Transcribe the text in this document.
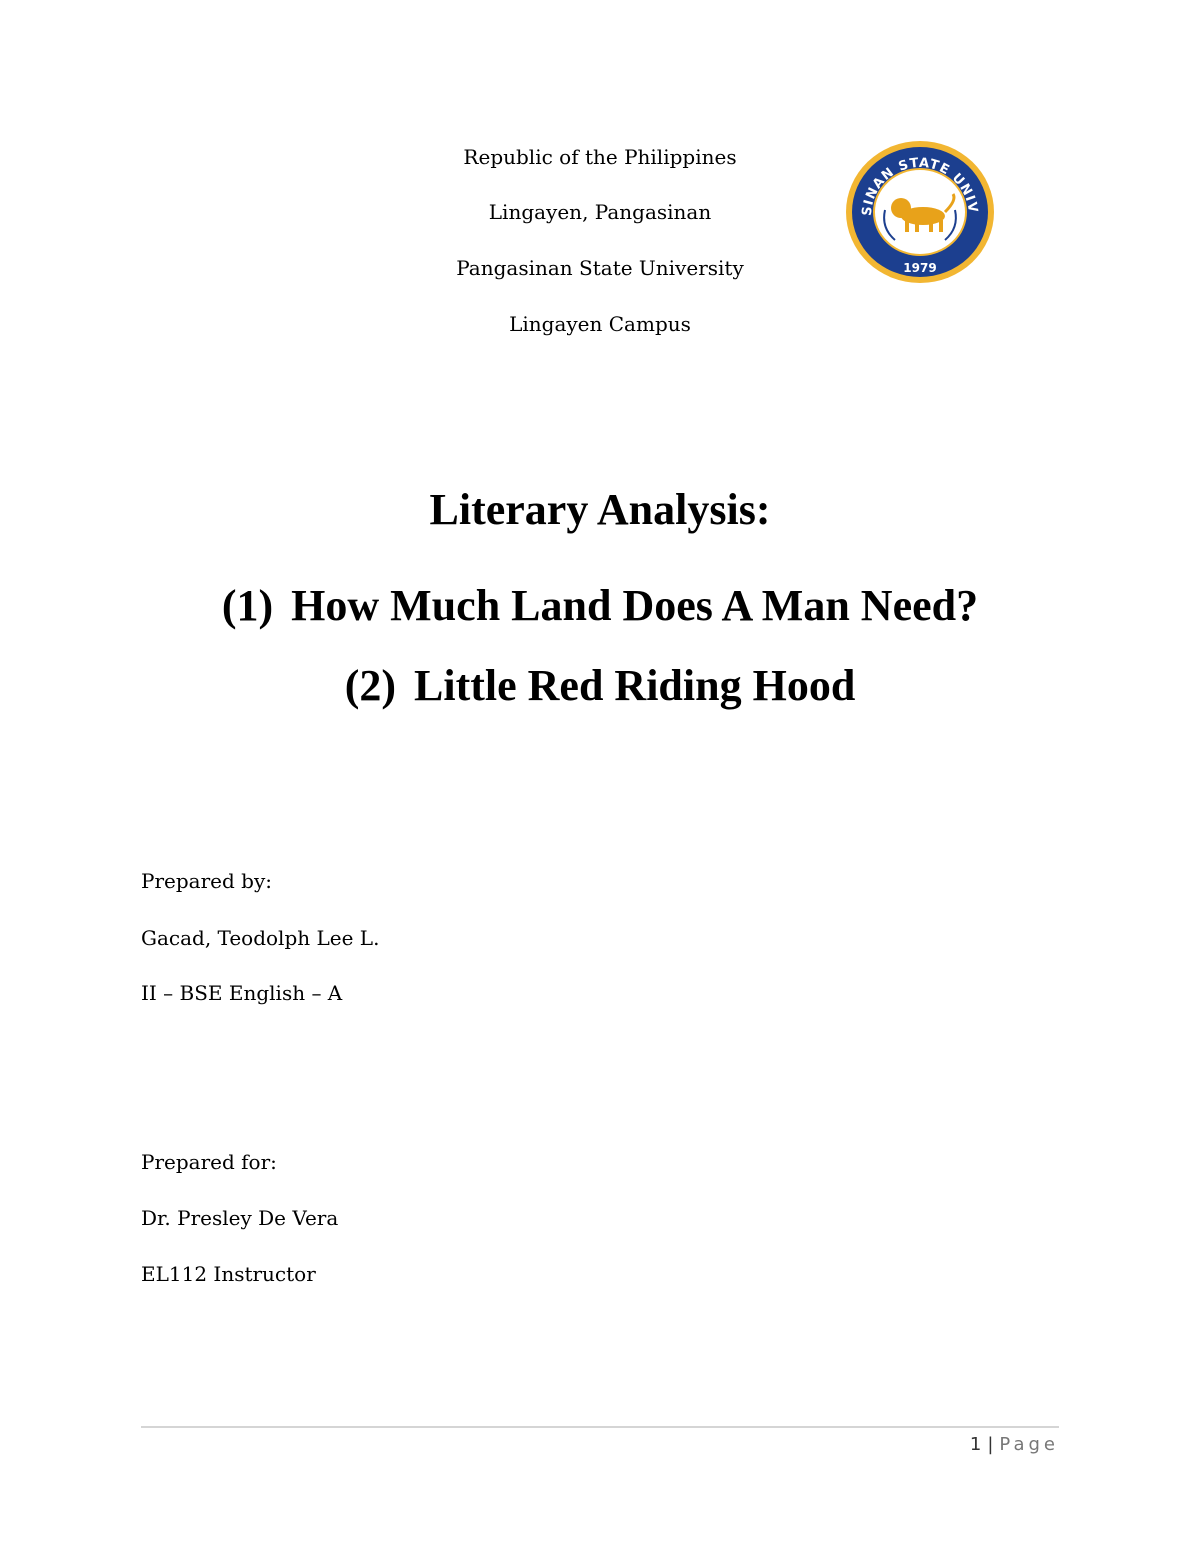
Republic of the Philippines
Lingayen, Pangasinan
Pangasinan State University
Lingayen Campus
SINAN STATE UNIV
1979
Literary Analysis:
(1) How Much Land Does A Man Need?
(2) Little Red Riding Hood
Prepared by:
Gacad, Teodolph Lee L.
II – BSE English – A
Prepared for:
Dr. Presley De Vera
EL112 Instructor
1 | Page
